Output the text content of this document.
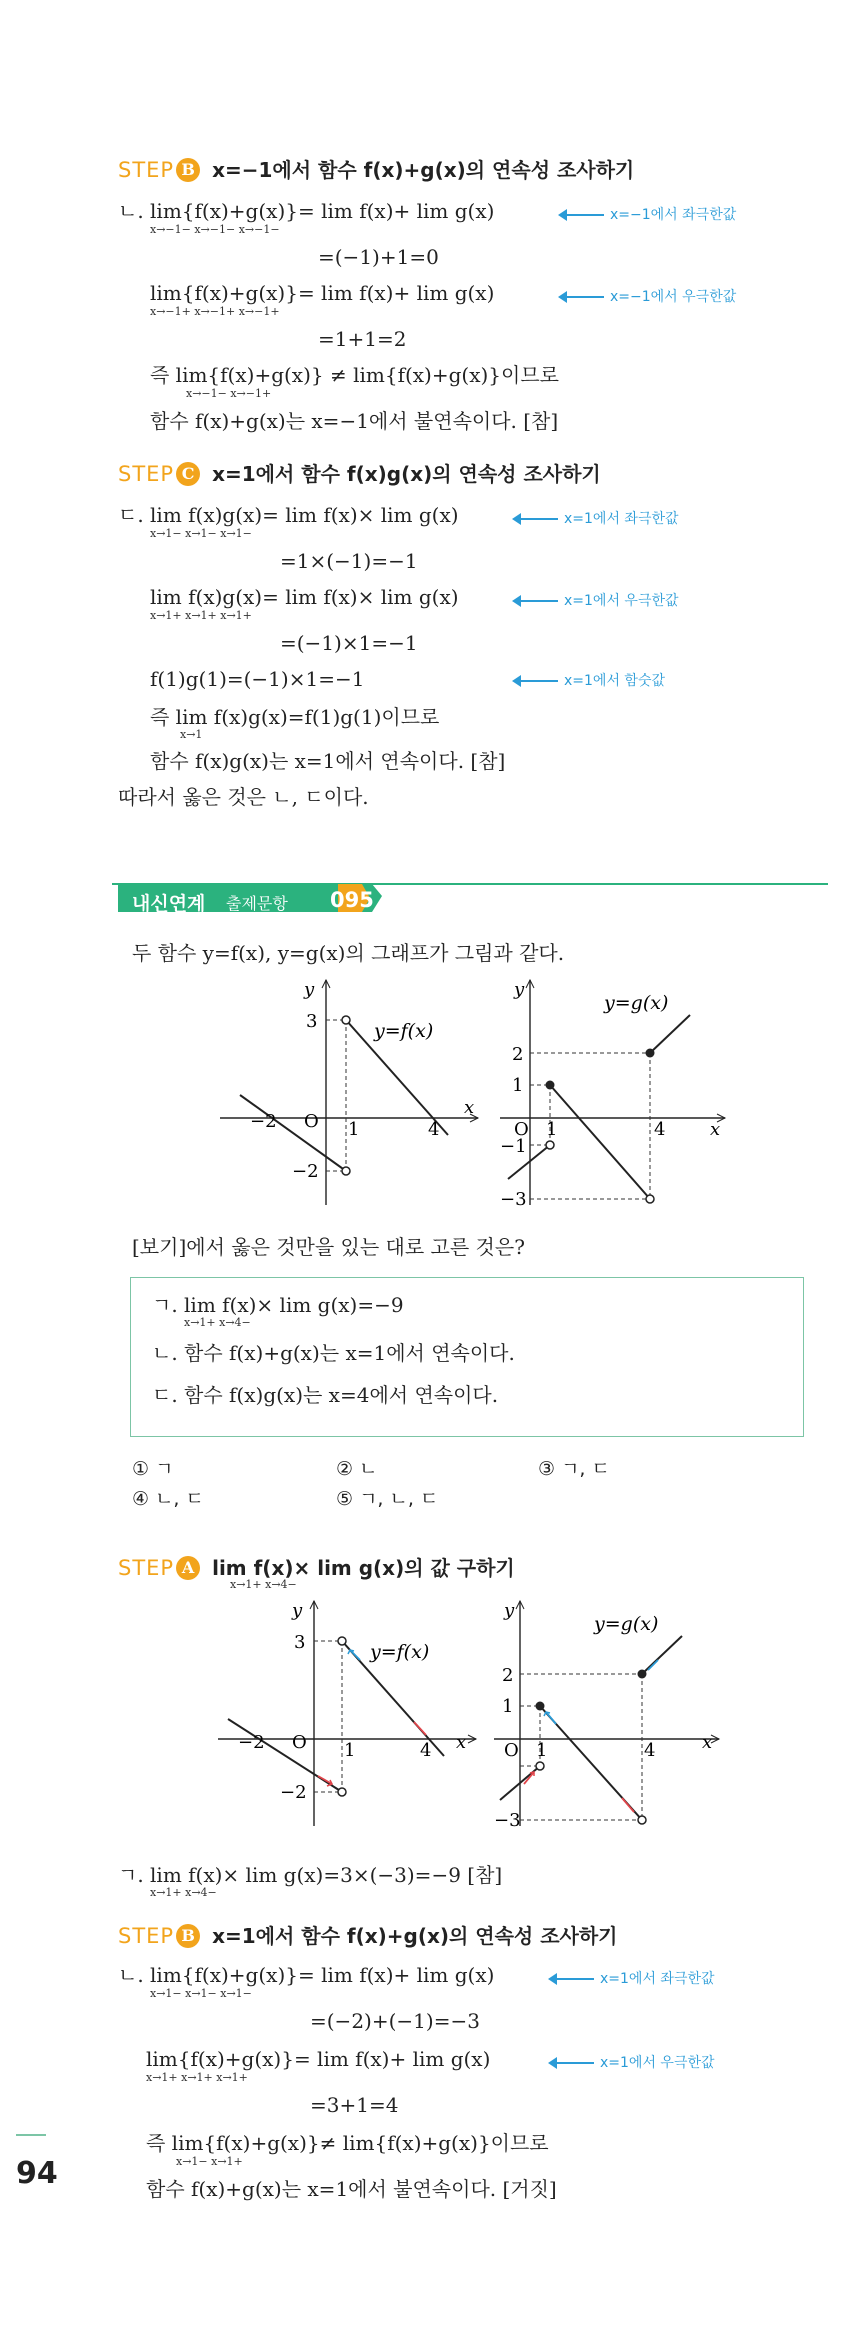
STEP B x=−1에서 함수 f(x)+g(x)의 연속성 조사하기
ㄴ. lim{f(x)+g(x)}= lim f(x)+ lim g(x)
x→−1− x→−1− x→−1−
x=−1에서 좌극한값
=(−1)+1=0
lim{f(x)+g(x)}= lim f(x)+ lim g(x)
x→−1+ x→−1+ x→−1+
x=−1에서 우극한값
=1+1=2
즉 lim{f(x)+g(x)} ≠ lim{f(x)+g(x)}이므로
x→−1− x→−1+
함수 f(x)+g(x)는 x=−1에서 불연속이다. [참]
STEP C x=1에서 함수 f(x)g(x)의 연속성 조사하기
ㄷ. lim f(x)g(x)= lim f(x)× lim g(x)
x→1− x→1− x→1−
x=1에서 좌극한값
=1×(−1)=−1
lim f(x)g(x)= lim f(x)× lim g(x)
x→1+ x→1+ x→1+
x=1에서 우극한값
=(−1)×1=−1
f(1)g(1)=(−1)×1=−1	x=1에서 함숫값
즉 lim f(x)g(x)=f(1)g(1)이므로
x→1
함수 f(x)g(x)는 x=1에서 연속이다. [참]
따라서 옳은 것은 ㄴ, ㄷ이다.
내신연계 출제문항 095
두 함수 y=f(x), y=g(x)의 그래프가 그림과 같다.
y
x
O
3
−2
−2	1	4
y=f(x)
y
x
O
2
1
−1
−3
1	4
y=g(x)
[보기]에서 옳은 것만을 있는 대로 고른 것은?
ㄱ. lim f(x)× lim g(x)=−9
x→1+ x→4−
ㄴ. 함수 f(x)+g(x)는 x=1에서 연속이다.
ㄷ. 함수 f(x)g(x)는 x=4에서 연속이다.
① ㄱ	② ㄴ	③ ㄱ, ㄷ
④ ㄴ, ㄷ	⑤ ㄱ, ㄴ, ㄷ
STEP A lim f(x)× lim g(x)의 값 구하기
x→1+ x→4−
y
x
O
3
−2
−2	1	4
y=f(x)
y
x
O
2
1
−3
1	4
y=g(x)
ㄱ. lim f(x)× lim g(x)=3×(−3)=−9 [참]
x→1+ x→4−
STEP B x=1에서 함수 f(x)+g(x)의 연속성 조사하기
ㄴ. lim{f(x)+g(x)}= lim f(x)+ lim g(x)
x→1− x→1− x→1−
x=1에서 좌극한값
=(−2)+(−1)=−3
lim{f(x)+g(x)}= lim f(x)+ lim g(x)
x→1+ x→1+ x→1+
x=1에서 우극한값
=3+1=4
즉 lim{f(x)+g(x)}≠ lim{f(x)+g(x)}이므로
x→1− x→1+
함수 f(x)+g(x)는 x=1에서 불연속이다. [거짓]
94
